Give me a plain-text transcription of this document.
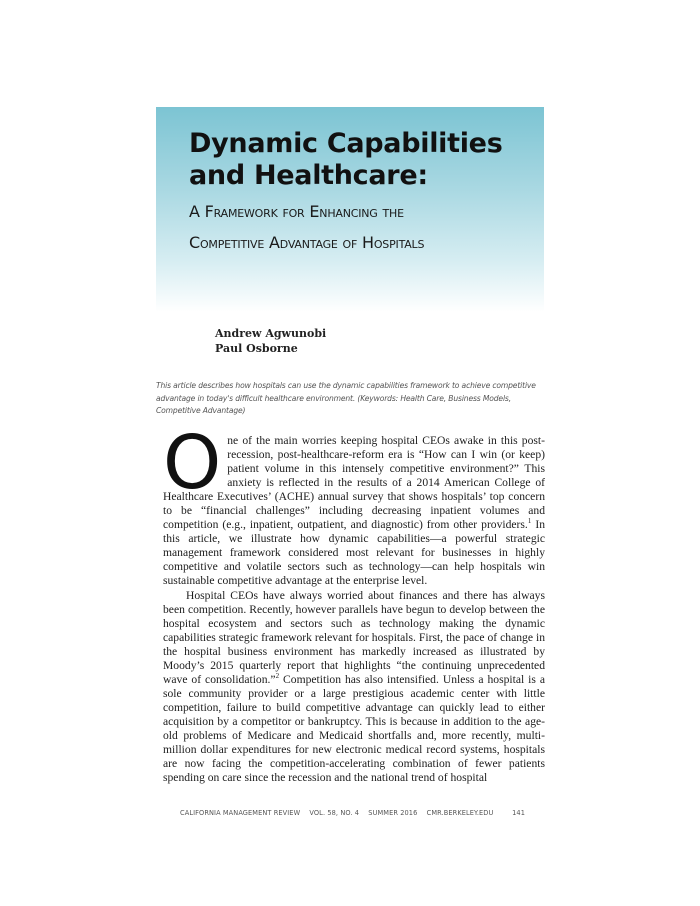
Dynamic Capabilities and Healthcare:
A Framework for Enhancing the
Competitive Advantage of Hospitals
Andrew Agwunobi
Paul Osborne
This article describes how hospitals can use the dynamic capabilities framework to achieve competitive advantage in today's difficult healthcare environment. (Keywords: Health Care, Business Models, Competitive Advantage)

One of the main worries keeping hospital CEOs awake in this post-recession, post-healthcare-reform era is “How can I win (or keep) patient volume in this intensely competitive environment?” This anxiety is reflected in the results of a 2014 American College of Healthcare Executives’ (ACHE) annual survey that shows hospitals’ top concern to be “financial challenges” including decreasing inpatient volumes and competition (e.g., inpatient, outpatient, and diagnostic) from other providers.$^1$ In this article, we illustrate how dynamic capabilities—a powerful strategic management framework considered most relevant for businesses in highly competitive and volatile sectors such as technology—can help hospitals win sustainable competitive advantage at the enterprise level.

Hospital CEOs have always worried about finances and there has always been competition. Recently, however parallels have begun to develop between the hospital ecosystem and sectors such as technology making the dynamic capabilities strategic framework relevant for hospitals. First, the pace of change in the hospital business environment has markedly increased as illustrated by Moody’s 2015 quarterly report that highlights “the continuing unprecedented wave of consolidation.”$^2$ Competition has also intensified. Unless a hospital is a sole community provider or a large prestigious academic center with little competition, failure to build competitive advantage can quickly lead to either acquisition by a competitor or bankruptcy. This is because in addition to the age-old problems of Medicare and Medicaid shortfalls and, more recently, multi-million dollar expenditures for new electronic medical record systems, hospitals are now facing the competition-accelerating combination of fewer patients spending on care since the recession and the national trend of hospital

CALIFORNIA MANAGEMENT REVIEW VOL. 58, NO. 4 SUMMER 2016 CMR.BERKELEY.EDU	141
